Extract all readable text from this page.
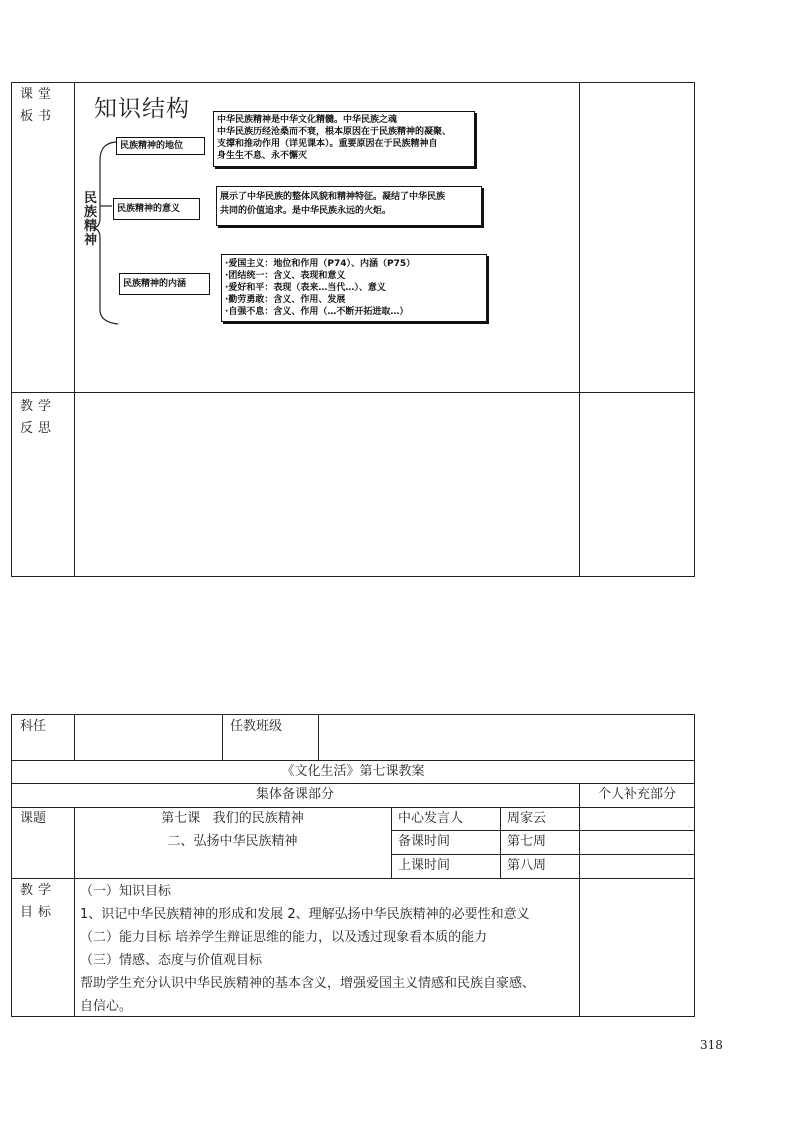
课堂板书
教学反思
知识结构
民族精神
民族精神的地位
民族精神的意义
民族精神的内涵
中华民族精神是中华文化精髓。中华民族之魂
中华民族历经沧桑而不衰，根本原因在于民族精神的凝聚、
支撑和推动作用（详见课本）。重要原因在于民族精神自
身生生不息、永不懈灭
展示了中华民族的整体风貌和精神特征。凝结了中华民族
共同的价值追求。是中华民族永远的火炬。
·爱国主义：地位和作用（P74）、内涵（P75）
·团结统一：含义、表现和意义
·爱好和平：表现（表来…当代…）、意义
·勤劳勇敢：含义、作用、发展
·自强不息：含义、作用（…不断开拓进取…）
科任	任教班级
《文化生活》第七课教案
集体备课部分	个人补充部分
课题	第七课   我们的民族精神
二、弘扬中华民族精神
中心发言人	周家云
备课时间	第七周
上课时间	第八周
教学目标
（一）知识目标
1、识记中华民族精神的形成和发展 2、理解弘扬中华民族精神的必要性和意义
（二）能力目标 培养学生辩证思维的能力，以及透过现象看本质的能力
（三）情感、态度与价值观目标
帮助学生充分认识中华民族精神的基本含义，增强爱国主义情感和民族自豪感、
自信心。
318
